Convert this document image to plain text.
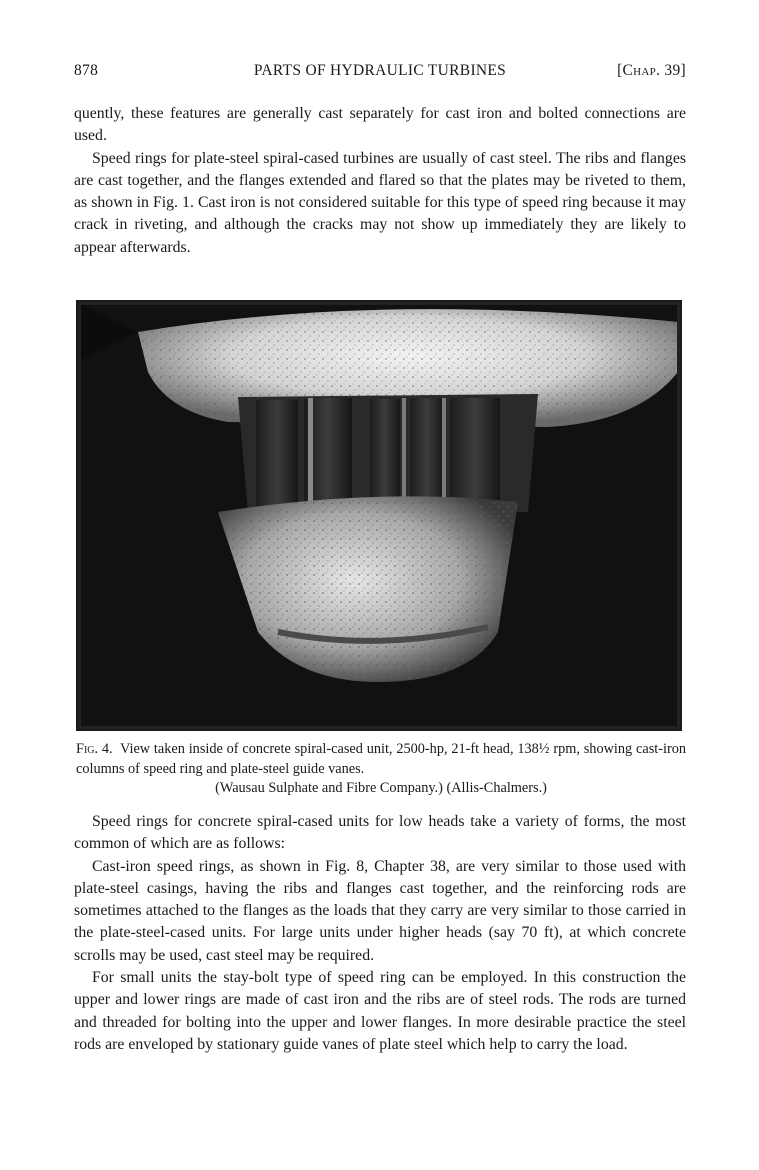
878	PARTS OF HYDRAULIC TURBINES	[Chap. 39]

quently, these features are generally cast separately for cast iron and bolted connections are used.

Speed rings for plate-steel spiral-cased turbines are usually of cast steel. The ribs and flanges are cast together, and the flanges extended and flared so that the plates may be riveted to them, as shown in Fig. 1. Cast iron is not considered suitable for this type of speed ring because it may crack in riveting, and although the cracks may not show up immediately they are likely to appear afterwards.

Fig. 4. View taken inside of concrete spiral-cased unit, 2500-hp, 21-ft head, 138½ rpm, showing cast-iron columns of speed ring and plate-steel guide vanes.

(Wausau Sulphate and Fibre Company.) (Allis-Chalmers.)

Speed rings for concrete spiral-cased units for low heads take a variety of forms, the most common of which are as follows:

Cast-iron speed rings, as shown in Fig. 8, Chapter 38, are very similar to those used with plate-steel casings, having the ribs and flanges cast together, and the reinforcing rods are sometimes attached to the flanges as the loads that they carry are very similar to those carried in the plate-steel-cased units. For large units under higher heads (say 70 ft), at which concrete scrolls may be used, cast steel may be required.

For small units the stay-bolt type of speed ring can be employed. In this construction the upper and lower rings are made of cast iron and the ribs are of steel rods. The rods are turned and threaded for bolting into the upper and lower flanges. In more desirable practice the steel rods are enveloped by stationary guide vanes of plate steel which help to carry the load.
